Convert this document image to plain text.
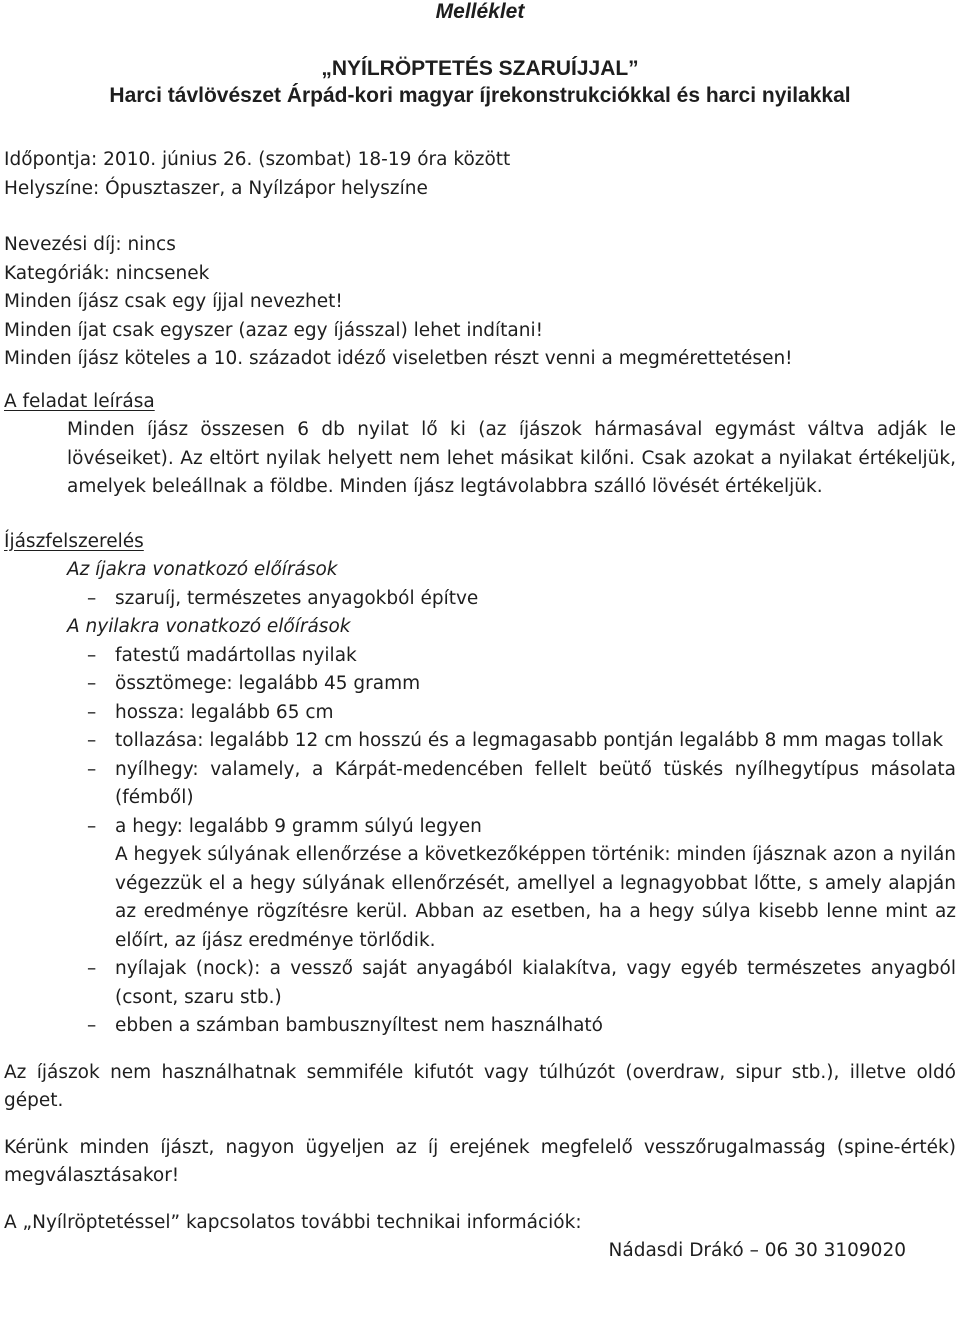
Melléklet
„NYÍLRÖPTETÉS SZARUÍJJAL”
Harci távlövészet Árpád-kori magyar íjrekonstrukciókkal és harci nyilakkal
Időpontja: 2010. június 26. (szombat) 18-19 óra között
Helyszíne: Ópusztaszer, a Nyílzápor helyszíne
Nevezési díj: nincs
Kategóriák: nincsenek
Minden íjász csak egy íjjal nevezhet!
Minden íjat csak egyszer (azaz egy íjásszal) lehet indítani!
Minden íjász köteles a 10. századot idéző viseletben részt venni a megmérettetésen!
A feladat leírása
Minden íjász összesen 6 db nyilat lő ki (az íjászok hármasával egymást váltva adják le lövéseiket). Az eltört nyilak helyett nem lehet másikat kilőni. Csak azokat a nyilakat értékeljük, amelyek beleállnak a földbe. Minden íjász legtávolabbra szálló lövését értékeljük.
Íjászfelszerelés
Az íjakra vonatkozó előírások
– szaruíj, természetes anyagokból építve
A nyilakra vonatkozó előírások
– fatestű madártollas nyilak
– össztömege: legalább 45 gramm
– hossza: legalább 65 cm
– tollazása: legalább 12 cm hosszú és a legmagasabb pontján legalább 8 mm magas tollak
– nyílhegy: valamely, a Kárpát-medencében fellelt beütő tüskés nyílhegytípus másolata (fémből)
– a hegy: legalább 9 gramm súlyú legyen
A hegyek súlyának ellenőrzése a következőképpen történik: minden íjásznak azon a nyilán végezzük el a hegy súlyának ellenőrzését, amellyel a legnagyobbat lőtte, s amely alapján az eredménye rögzítésre kerül. Abban az esetben, ha a hegy súlya kisebb lenne mint az előírt, az íjász eredménye törlődik.
– nyílajak (nock): a vessző saját anyagából kialakítva, vagy egyéb természetes anyagból (csont, szaru stb.)
– ebben a számban bambusznyíltest nem használható
Az íjászok nem használhatnak semmiféle kifutót vagy túlhúzót (overdraw, sipur stb.), illetve oldó gépet.
Kérünk minden íjászt, nagyon ügyeljen az íj erejének megfelelő vesszőrugalmasság (spine-érték) megválasztásakor!
A „Nyílröptetéssel” kapcsolatos további technikai információk:
Nádasdi Drákó – 06 30 3109020
